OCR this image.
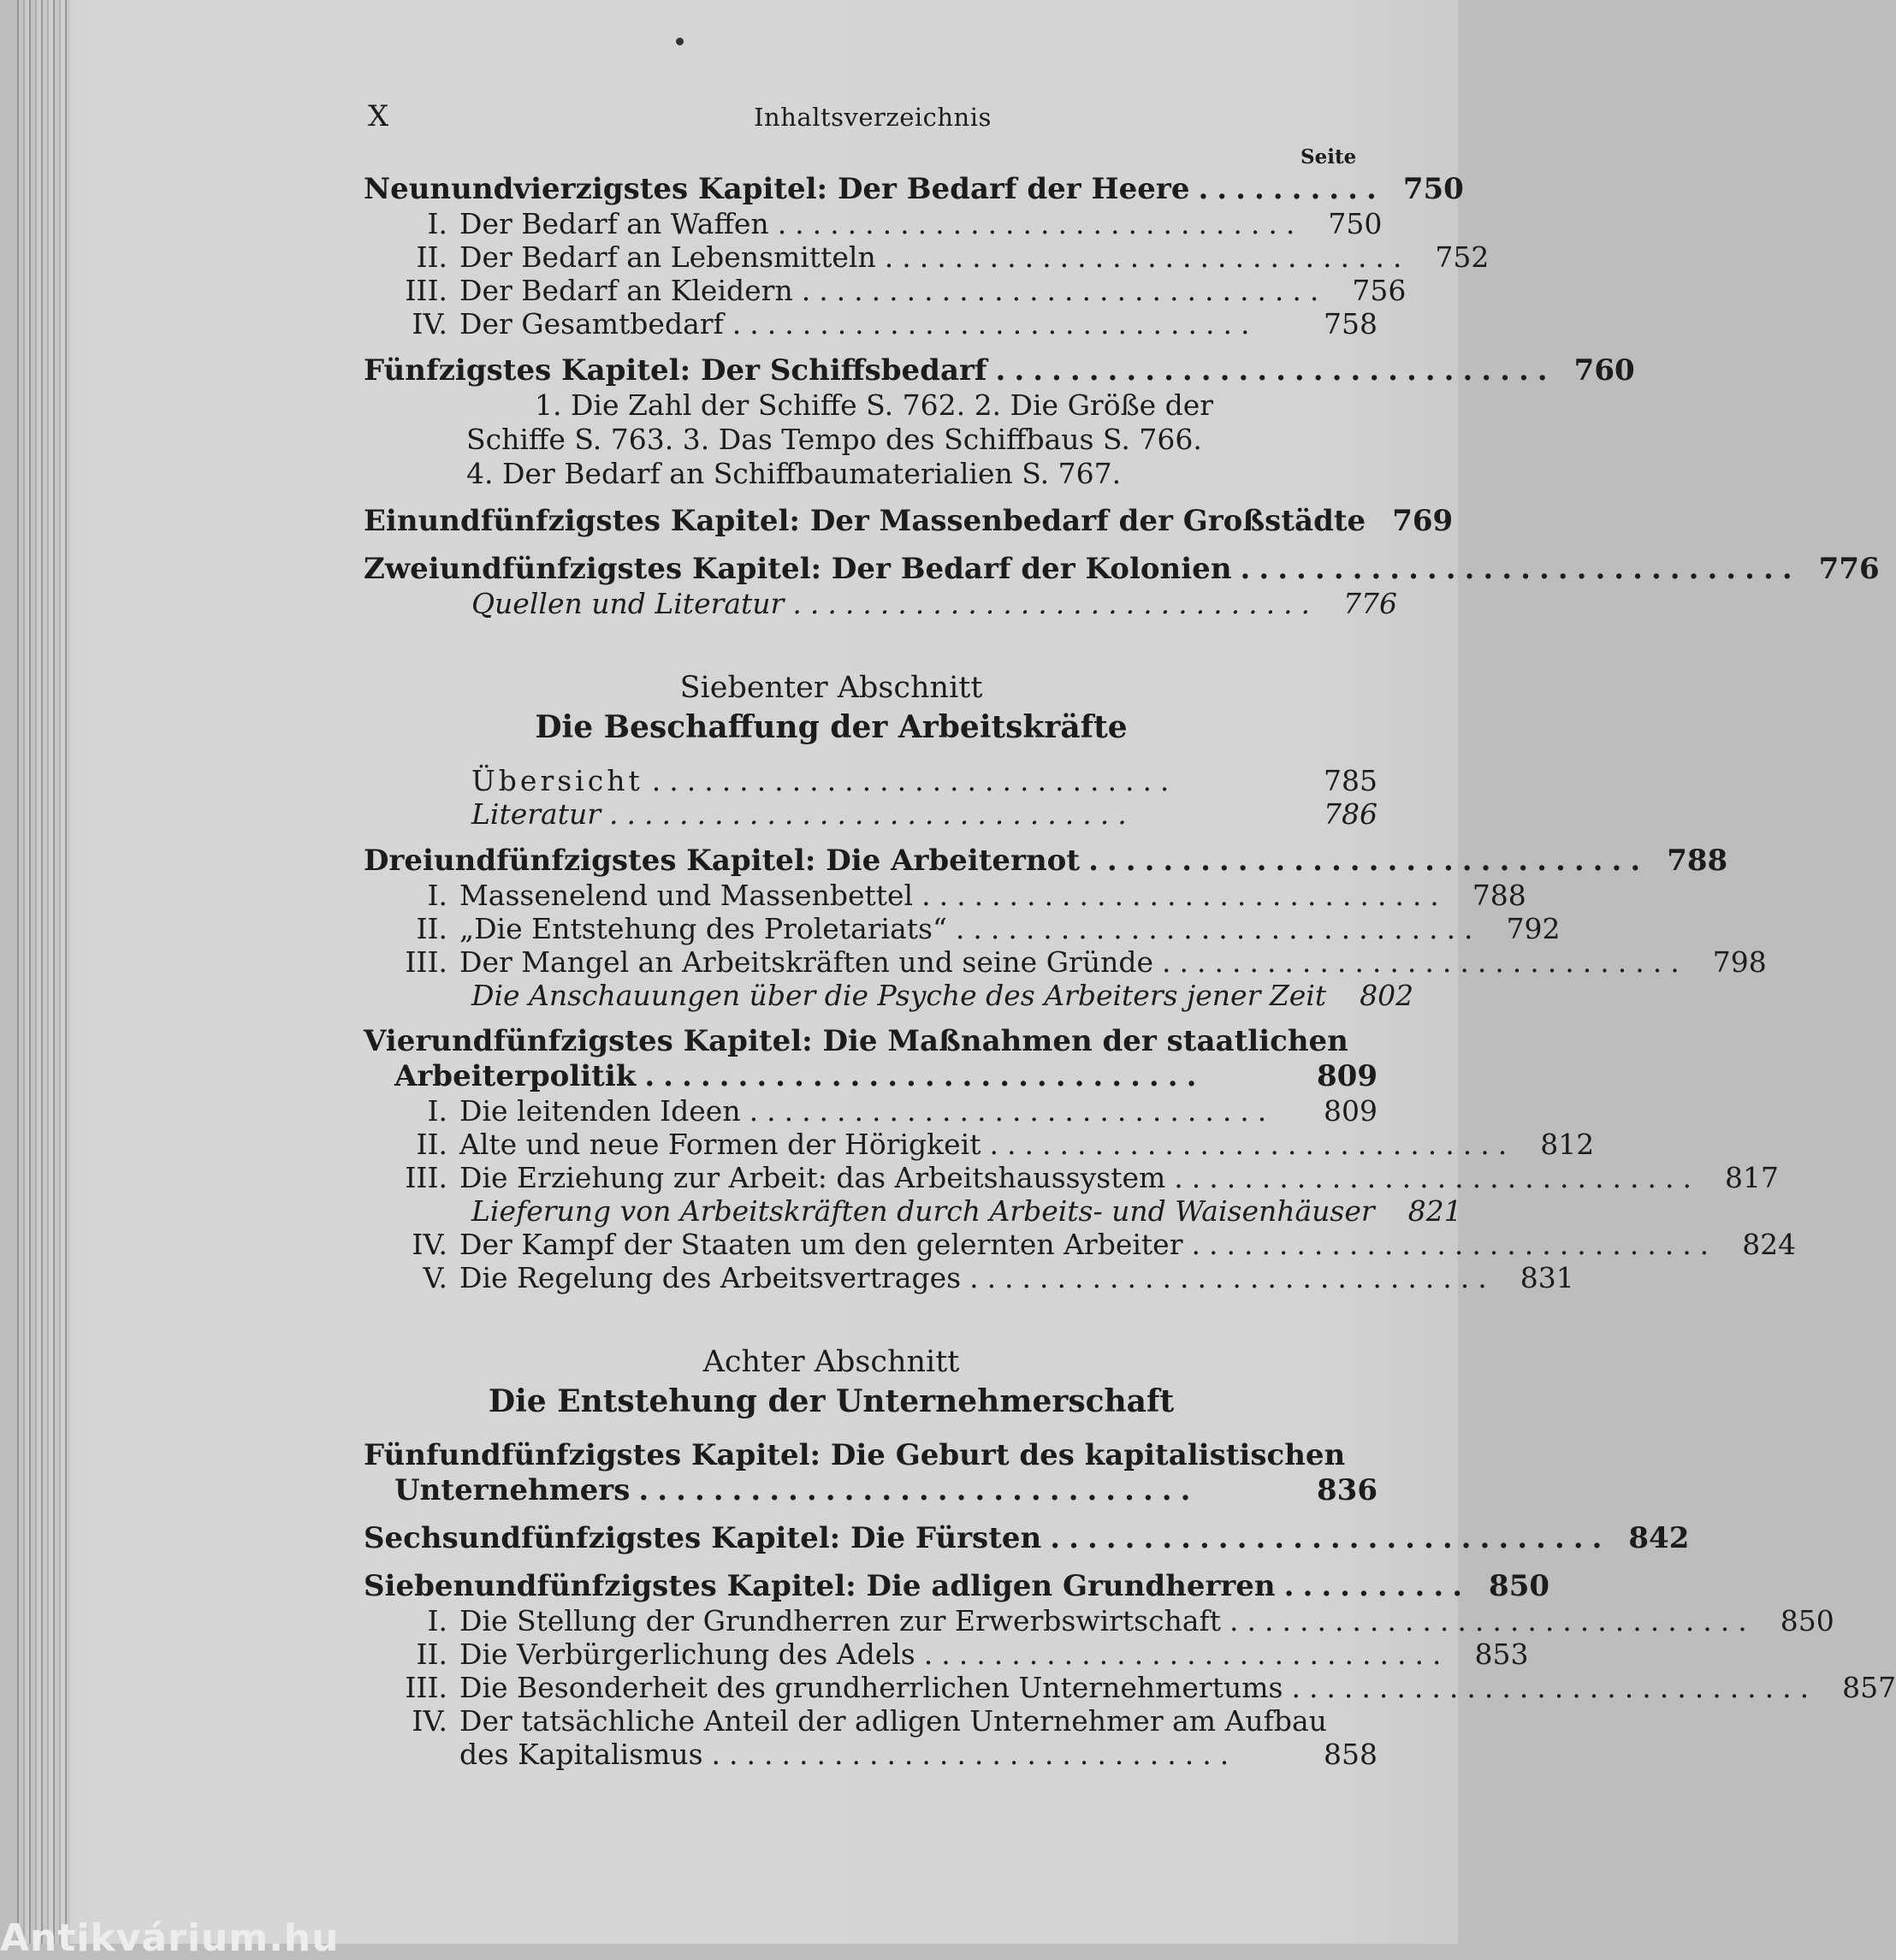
X	Inhaltsverzeichnis
Seite
Neunundvierzigstes Kapitel: Der Bedarf der Heere .......... 750
I. Der Bedarf an Waffen .............................. 750
II. Der Bedarf an Lebensmitteln .............................. 752
III. Der Bedarf an Kleidern .............................. 756
IV. Der Gesamtbedarf ..............................	758
Fünfzigstes Kapitel: Der Schiffsbedarf .............................. 760
1. Die Zahl der Schiffe S. 762. 2. Die Größe der
Schiffe S. 763. 3. Das Tempo des Schiffbaus S. 766.
4. Der Bedarf an Schiffbaumaterialien S. 767.
Einundfünfzigstes Kapitel: Der Massenbedarf der Großstädte 769
Zweiundfünfzigstes Kapitel: Der Bedarf der Kolonien .............................. 776
Quellen und Literatur .............................. 776
Siebenter Abschnitt
Die Beschaffung der Arbeitskräfte
Übersicht ..............................	785
Literatur ..............................	786
Dreiundfünfzigstes Kapitel: Die Arbeiternot .............................. 788
I. Massenelend und Massenbettel .............................. 788
II. „Die Entstehung des Proletariats“ .............................. 792
III. Der Mangel an Arbeitskräften und seine Gründe .............................. 798
Die Anschauungen über die Psyche des Arbeiters jener Zeit	802
Vierundfünfzigstes Kapitel: Die Maßnahmen der staatlichen
Arbeiterpolitik ..............................	809
I. Die leitenden Ideen ..............................	809
II. Alte und neue Formen der Hörigkeit .............................. 812
III. Die Erziehung zur Arbeit: das Arbeitshaussystem .............................. 817
Lieferung von Arbeitskräften durch Arbeits- und Waisenhäuser	821
IV. Der Kampf der Staaten um den gelernten Arbeiter .............................. 824
V. Die Regelung des Arbeitsvertrages .............................. 831
Achter Abschnitt
Die Entstehung der Unternehmerschaft
Fünfundfünfzigstes Kapitel: Die Geburt des kapitalistischen
Unternehmers ..............................	836
Sechsundfünfzigstes Kapitel: Die Fürsten .............................. 842
Siebenundfünfzigstes Kapitel: Die adligen Grundherren .......... 850
I. Die Stellung der Grundherren zur Erwerbswirtschaft .............................. 850
II. Die Verbürgerlichung des Adels .............................. 853
III. Die Besonderheit des grundherrlichen Unternehmertums .............................. 857
IV. Der tatsächliche Anteil der adligen Unternehmer am Aufbau
des Kapitalismus ..............................	858
Antikvárium.hu
